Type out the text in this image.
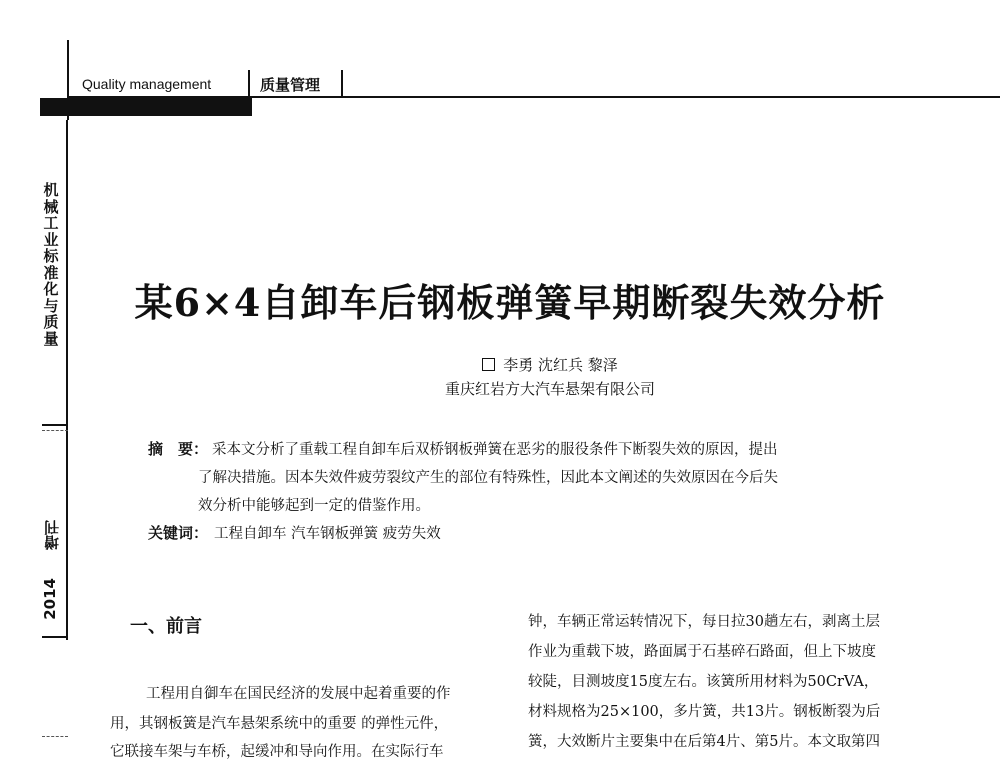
Quality management	质量管理
机械工业标准化与质量
增刊
2014
某6×4自卸车后钢板弹簧早期断裂失效分析
李勇 沈红兵 黎泽
重庆红岩方大汽车悬架有限公司
摘　要： 采本文分析了重载工程自卸车后双桥钢板弹簧在恶劣的服役条件下断裂失效的原因，提出
了解决措施。因本失效件疲劳裂纹产生的部位有特殊性，因此本文阐述的失效原因在今后失
效分析中能够起到一定的借鉴作用。
关键词： 工程自卸车 汽车钢板弹簧 疲劳失效
一、前言
工程用自御车在国民经济的发展中起着重要的作
用，其钢板簧是汽车悬架系统中的重要 的弹性元件，
它联接车架与车桥，起缓冲和导向作用。在实际行车
钟，车辆正常运转情况下，每日拉30趟左右，剥离土层
作业为重载下坡，路面属于石基碎石路面，但上下坡度
较陡，目测坡度15度左右。该簧所用材料为50CrVA，
材料规格为25×100，多片簧，共13片。钢板断裂为后
簧，大效断片主要集中在后第4片、第5片。本文取第四
